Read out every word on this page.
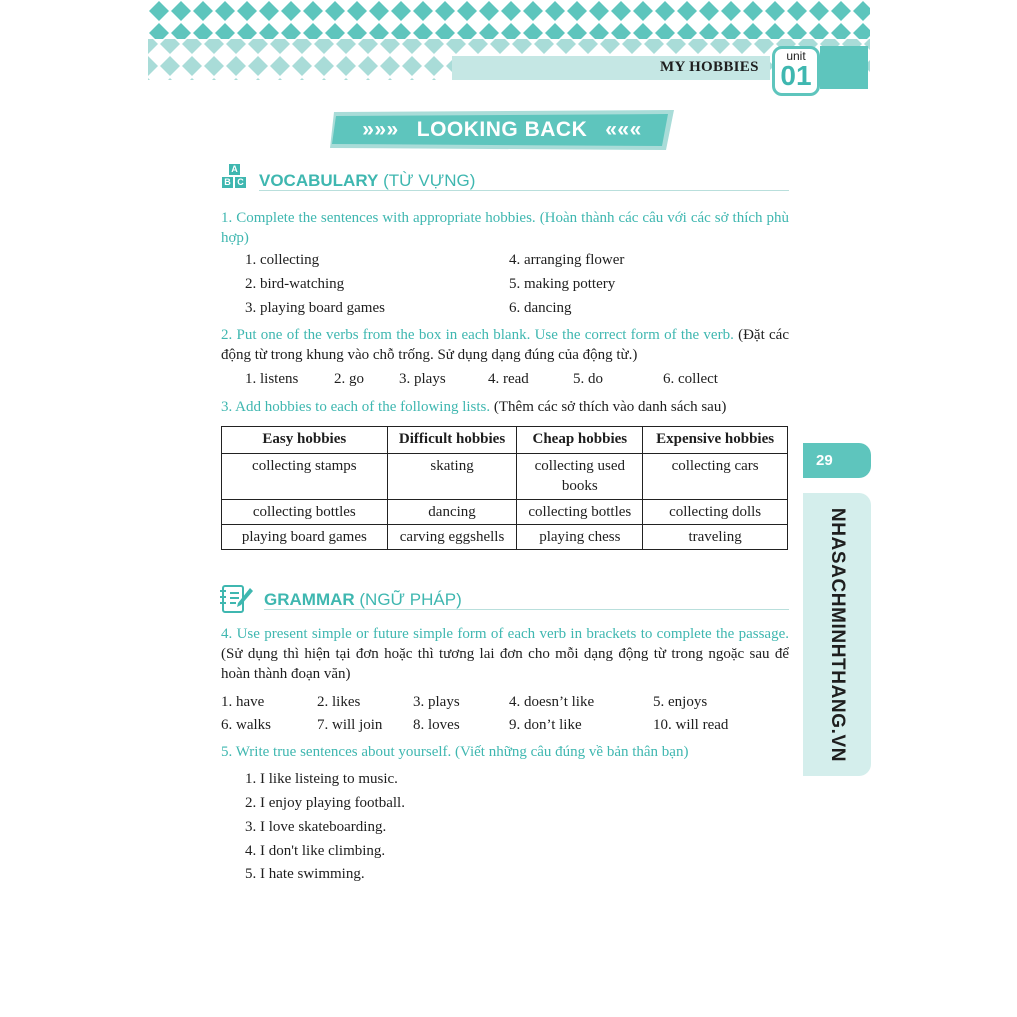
MY HOBBIES
unit
01
»»» LOOKING BACK «««
A
B C VOCABULARY (TỪ VỰNG)
1. Complete the sentences with appropriate hobbies. (Hoàn thành các câu với các sở thích phù hợp)
1. collecting
2. bird-watching
3. playing board games
4. arranging flower
5. making pottery
6. dancing
2. Put one of the verbs from the box in each blank. Use the correct form of the verb. (Đặt các động từ trong khung vào chỗ trống. Sử dụng dạng đúng của động từ.)
1. listens 2. go 3. plays	4. read	5. do	6. collect
3. Add hobbies to each of the following lists. (Thêm các sở thích vào danh sách sau)
Easy hobbies	Difficult hobbies	Cheap hobbies	Expensive hobbies
collecting stamps	skating	collecting used books	collecting cars
collecting bottles	dancing	collecting bottles	collecting dolls
playing board games	carving eggshells	playing chess	traveling
GRAMMAR (NGỮ PHÁP)
4. Use present simple or future simple form of each verb in brackets to complete the passage. (Sử dụng thì hiện tại đơn hoặc thì tương lai đơn cho mỗi dạng động từ trong ngoặc sau để hoàn thành đoạn văn)
1. have	2. likes	3. plays	4. doesn’t like	5. enjoys
6. walks	7. will join 8. loves	9. don’t like	10. will read
5. Write true sentences about yourself. (Viết những câu đúng về bản thân bạn)
1. I like listeing to music.
2. I enjoy playing football.
3. I love skateboarding.
4. I don't like climbing.
5. I hate swimming.
29
NHASACHMINHTHANG.VN
